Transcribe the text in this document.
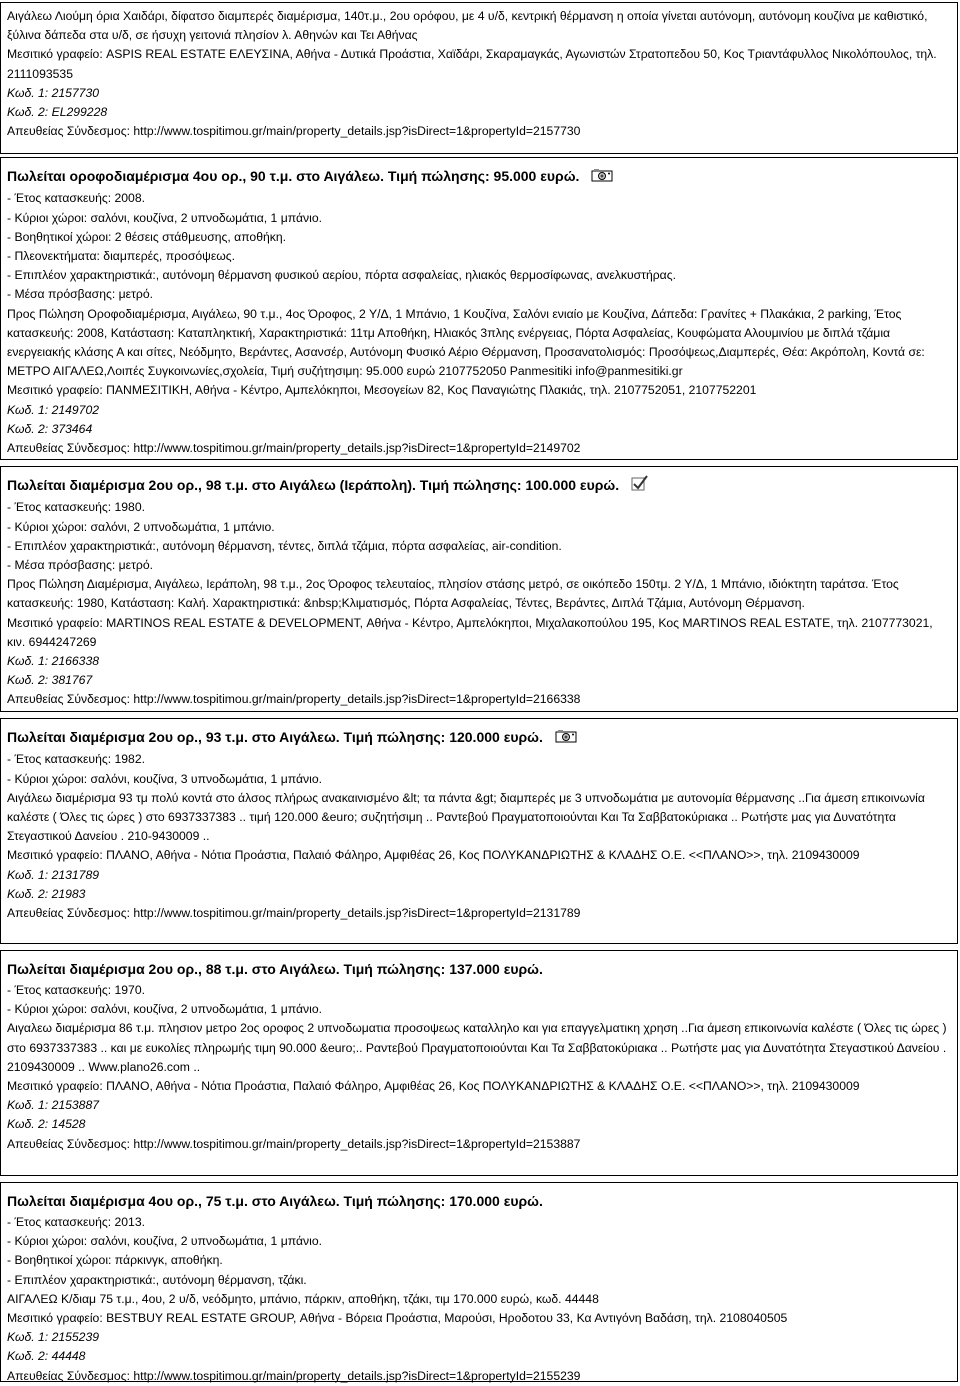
Αιγάλεω Λιούμη όρια Χαιδάρι, δίφατσο διαμπερές διαμέρισμα, 140τ.μ., 2ου ορόφου, με 4 υ/δ, κεντρική θέρμανση η οποία γίνεται αυτόνομη, αυτόνομη κουζίνα με καθιστικό, ξύλινα δάπεδα στα υ/δ, σε ήσυχη γειτονιά πλησίον λ. Αθηνών και Τει Αθήνας
Μεσιτικό γραφείο: ASPIS REAL ESTATE ΕΛΕΥΣΙΝΑ, Αθήνα - Δυτικά Προάστια, Χαϊδάρι, Σκαραμαγκάς, Αγωνιστών Στρατοπεδου 50, Κος Τριαντάφυλλος Νικολόπουλος, τηλ. 2111093535
Κωδ. 1: 2157730
Κωδ. 2: EL299228
Απευθείας Σύνδεσμος: http://www.tospitimou.gr/main/property_details.jsp?isDirect=1&propertyId=2157730
Πωλείται οροφοδιαμέρισμα 4ου ορ., 90 τ.μ. στο Αιγάλεω. Τιμή πώλησης: 95.000 ευρώ.
- Έτος κατασκευής: 2008.
- Κύριοι χώροι: σαλόνι, κουζίνα, 2 υπνοδωμάτια, 1 μπάνιο.
- Βοηθητικοί χώροι: 2 θέσεις στάθμευσης, αποθήκη.
- Πλεονεκτήματα: διαμπερές, προσόψεως.
- Επιπλέον χαρακτηριστικά:, αυτόνομη θέρμανση φυσικού αερίου, πόρτα ασφαλείας, ηλιακός θερμοσίφωνας, ανελκυστήρας.
- Μέσα πρόσβασης: μετρό.
Προς Πώληση Οροφοδιαμέρισμα, Αιγάλεω, 90 τ.μ., 4ος Όροφος, 2 Υ/Δ, 1 Μπάνιο, 1 Κουζίνα, Σαλόνι ενιαίο με Κουζίνα, Δάπεδα: Γρανίτες + Πλακάκια, 2 parking, Έτος κατασκευής: 2008, Κατάσταση: Καταπληκτική, Χαρακτηριστικά: 11τμ Αποθήκη, Ηλιακός 3πλης ενέργειας, Πόρτα Ασφαλείας, Κουφώματα Αλουμινίου με διπλά τζάμια ενεργειακής κλάσης Α και σίτες, Νεόδμητο, Βεράντες, Ασανσέρ, Αυτόνομη Φυσικό Αέριο Θέρμανση, Προσανατολισμός: Προσόψεως,Διαμπερές, Θέα: Ακρόπολη, Κοντά σε: ΜΕΤΡΟ ΑΙΓΑΛΕΩ,Λοιπές Συγκοινωνίες,σχολεία, Τιμή συζήτησιμη: 95.000 ευρώ 2107752050 Panmesitiki info@panmesitiki.gr
Μεσιτικό γραφείο: ΠΑΝΜΕΣΙΤΙΚΗ, Αθήνα - Κέντρο, Αμπελόκηποι, Μεσογείων 82, Κος Παναγιώτης Πλακιάς, τηλ. 2107752051, 2107752201
Κωδ. 1: 2149702
Κωδ. 2: 373464
Απευθείας Σύνδεσμος: http://www.tospitimou.gr/main/property_details.jsp?isDirect=1&propertyId=2149702
Πωλείται διαμέρισμα 2ου ορ., 98 τ.μ. στο Αιγάλεω (Ιεράπολη). Τιμή πώλησης: 100.000 ευρώ.
- Έτος κατασκευής: 1980.
- Κύριοι χώροι: σαλόνι, 2 υπνοδωμάτια, 1 μπάνιο.
- Επιπλέον χαρακτηριστικά:, αυτόνομη θέρμανση, τέντες, διπλά τζάμια, πόρτα ασφαλείας, air-condition.
- Μέσα πρόσβασης: μετρό.
Προς Πώληση Διαμέρισμα, Αιγάλεω, Ιεράπολη, 98 τ.μ., 2ος Όροφος τελευταίος, πλησίον στάσης μετρό, σε οικόπεδο 150τμ. 2 Υ/Δ, 1 Μπάνιο, ιδιόκτητη ταράτσα. Έτος κατασκευής: 1980, Κατάσταση: Καλή. Χαρακτηριστικά: &nbsp;Κλιματισμός, Πόρτα Ασφαλείας, Τέντες, Βεράντες, Διπλά Τζάμια, Αυτόνομη Θέρμανση.
Μεσιτικό γραφείο: MARTINOS REAL ESTATE & DEVELOPMENT, Αθήνα - Κέντρο, Αμπελόκηποι, Μιχαλακοπούλου 195, Κος MARTINOS REAL ESTATE, τηλ. 2107773021, κιν. 6944247269
Κωδ. 1: 2166338
Κωδ. 2: 381767
Απευθείας Σύνδεσμος: http://www.tospitimou.gr/main/property_details.jsp?isDirect=1&propertyId=2166338
Πωλείται διαμέρισμα 2ου ορ., 93 τ.μ. στο Αιγάλεω. Τιμή πώλησης: 120.000 ευρώ.
- Έτος κατασκευής: 1982.
- Κύριοι χώροι: σαλόνι, κουζίνα, 3 υπνοδωμάτια, 1 μπάνιο.
Αιγάλεω διαμέρισμα 93 τμ πολύ κοντά στο άλσος πλήρως ανακαινισμένο &lt; τα πάντα &gt; διαμπερές με 3 υπνοδωμάτια με αυτονομία θέρμανσης ..Για άμεση επικοινωνία καλέστε ( Όλες τις ώρες ) στο 6937337383 .. τιμή 120.000 &euro; συζητήσιμη .. Ραντεβού Πραγματοποιούνται Και Τα Σαββατοκύριακα .. Ρωτήστε μας για Δυνατότητα Στεγαστικού Δανείου . 210-9430009 ..
Μεσιτικό γραφείο: ΠΛΑΝΟ, Αθήνα - Νότια Προάστια, Παλαιό Φάληρο, Αμφιθέας 26, Κος ΠΟΛΥΚΑΝΔΡΙΩΤΗΣ & ΚΛΑΔΗΣ Ο.Ε. <<ΠΛΑΝΟ>>, τηλ. 2109430009
Κωδ. 1: 2131789
Κωδ. 2: 21983
Απευθείας Σύνδεσμος: http://www.tospitimou.gr/main/property_details.jsp?isDirect=1&propertyId=2131789
Πωλείται διαμέρισμα 2ου ορ., 88 τ.μ. στο Αιγάλεω. Τιμή πώλησης: 137.000 ευρώ.
- Έτος κατασκευής: 1970.
- Κύριοι χώροι: σαλόνι, κουζίνα, 2 υπνοδωμάτια, 1 μπάνιο.
Αιγαλεω διαμέρισμα 86 τ.μ. πλησιον μετρο 2ος οροφος 2 υπνοδωματια προσοψεως καταλληλο και για επαγγελματικη χρηση ..Για άμεση επικοινωνία καλέστε ( Όλες τις ώρες ) στο 6937337383 .. και με ευκολίες πληρωμής τιμη 90.000 &euro;.. Ραντεβού Πραγματοποιούνται Και Τα Σαββατοκύριακα .. Ρωτήστε μας για Δυνατότητα Στεγαστικού Δανείου . 2109430009 .. Www.plano26.com ..
Μεσιτικό γραφείο: ΠΛΑΝΟ, Αθήνα - Νότια Προάστια, Παλαιό Φάληρο, Αμφιθέας 26, Κος ΠΟΛΥΚΑΝΔΡΙΩΤΗΣ & ΚΛΑΔΗΣ Ο.Ε. <<ΠΛΑΝΟ>>, τηλ. 2109430009
Κωδ. 1: 2153887
Κωδ. 2: 14528
Απευθείας Σύνδεσμος: http://www.tospitimou.gr/main/property_details.jsp?isDirect=1&propertyId=2153887
Πωλείται διαμέρισμα 4ου ορ., 75 τ.μ. στο Αιγάλεω. Τιμή πώλησης: 170.000 ευρώ.
- Έτος κατασκευής: 2013.
- Κύριοι χώροι: σαλόνι, κουζίνα, 2 υπνοδωμάτια, 1 μπάνιο.
- Βοηθητικοί χώροι: πάρκινγκ, αποθήκη.
- Επιπλέον χαρακτηριστικά:, αυτόνομη θέρμανση, τζάκι.
ΑΙΓΑΛΕΩ Κ/διαμ 75 τ.μ., 4ου, 2 υ/δ, νεόδμητο, μπάνιο, πάρκιν, αποθήκη, τζάκι, τιμ 170.000 ευρώ, κωδ. 44448
Μεσιτικό γραφείο: BESTBUY REAL ESTATE GROUP, Αθήνα - Βόρεια Προάστια, Μαρούσι, Ηροδοτου 33, Κα Αντιγόνη Βαδάση, τηλ. 2108040505
Κωδ. 1: 2155239
Κωδ. 2: 44448
Απευθείας Σύνδεσμος: http://www.tospitimou.gr/main/property_details.jsp?isDirect=1&propertyId=2155239
